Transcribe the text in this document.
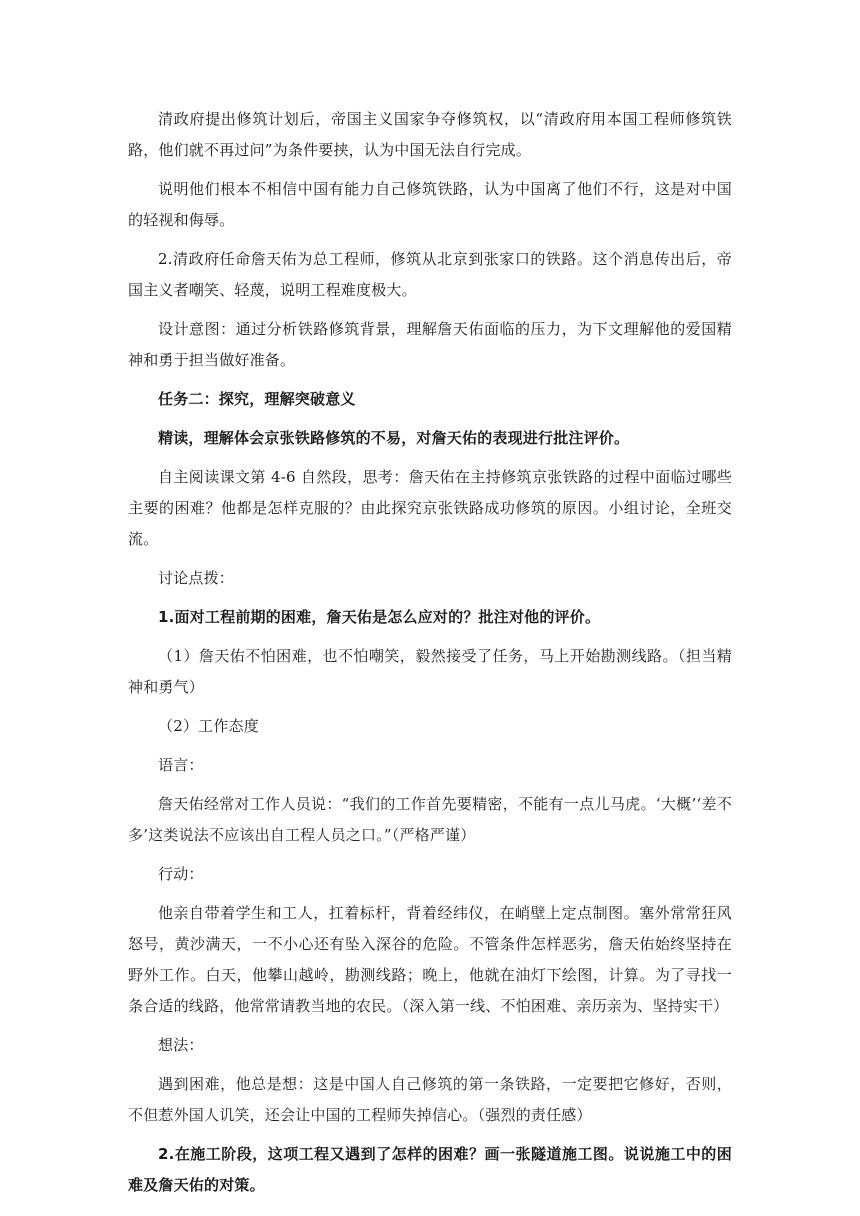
清政府提出修筑计划后，帝国主义国家争夺修筑权，以“清政府用本国工程师修筑铁路，他们就不再过问”为条件要挟，认为中国无法自行完成。

说明他们根本不相信中国有能力自己修筑铁路，认为中国离了他们不行，这是对中国的轻视和侮辱。

2.清政府任命詹天佑为总工程师，修筑从北京到张家口的铁路。这个消息传出后，帝国主义者嘲笑、轻蔑，说明工程难度极大。

设计意图：通过分析铁路修筑背景，理解詹天佑面临的压力，为下文理解他的爱国精神和勇于担当做好准备。

任务二：探究，理解突破意义

精读，理解体会京张铁路修筑的不易，对詹天佑的表现进行批注评价。

自主阅读课文第 4-6 自然段，思考：詹天佑在主持修筑京张铁路的过程中面临过哪些主要的困难？他都是怎样克服的？由此探究京张铁路成功修筑的原因。小组讨论，全班交流。

讨论点拨：

1.面对工程前期的困难，詹天佑是怎么应对的？批注对他的评价。

（1）詹天佑不怕困难，也不怕嘲笑，毅然接受了任务，马上开始勘测线路。（担当精神和勇气）

（2）工作态度

语言：

詹天佑经常对工作人员说：“我们的工作首先要精密，不能有一点儿马虎。‘大概’‘差不多’这类说法不应该出自工程人员之口。”（严格严谨）

行动：

他亲自带着学生和工人，扛着标杆，背着经纬仪，在峭壁上定点制图。塞外常常狂风怒号，黄沙满天，一不小心还有坠入深谷的危险。不管条件怎样恶劣，詹天佑始终坚持在野外工作。白天，他攀山越岭，勘测线路；晚上，他就在油灯下绘图，计算。为了寻找一条合适的线路，他常常请教当地的农民。（深入第一线、不怕困难、亲历亲为、坚持实干）

想法：

遇到困难，他总是想：这是中国人自己修筑的第一条铁路，一定要把它修好，否则，不但惹外国人讥笑，还会让中国的工程师失掉信心。（强烈的责任感）

2.在施工阶段，这项工程又遇到了怎样的困难？画一张隧道施工图。说说施工中的困难及詹天佑的对策。
